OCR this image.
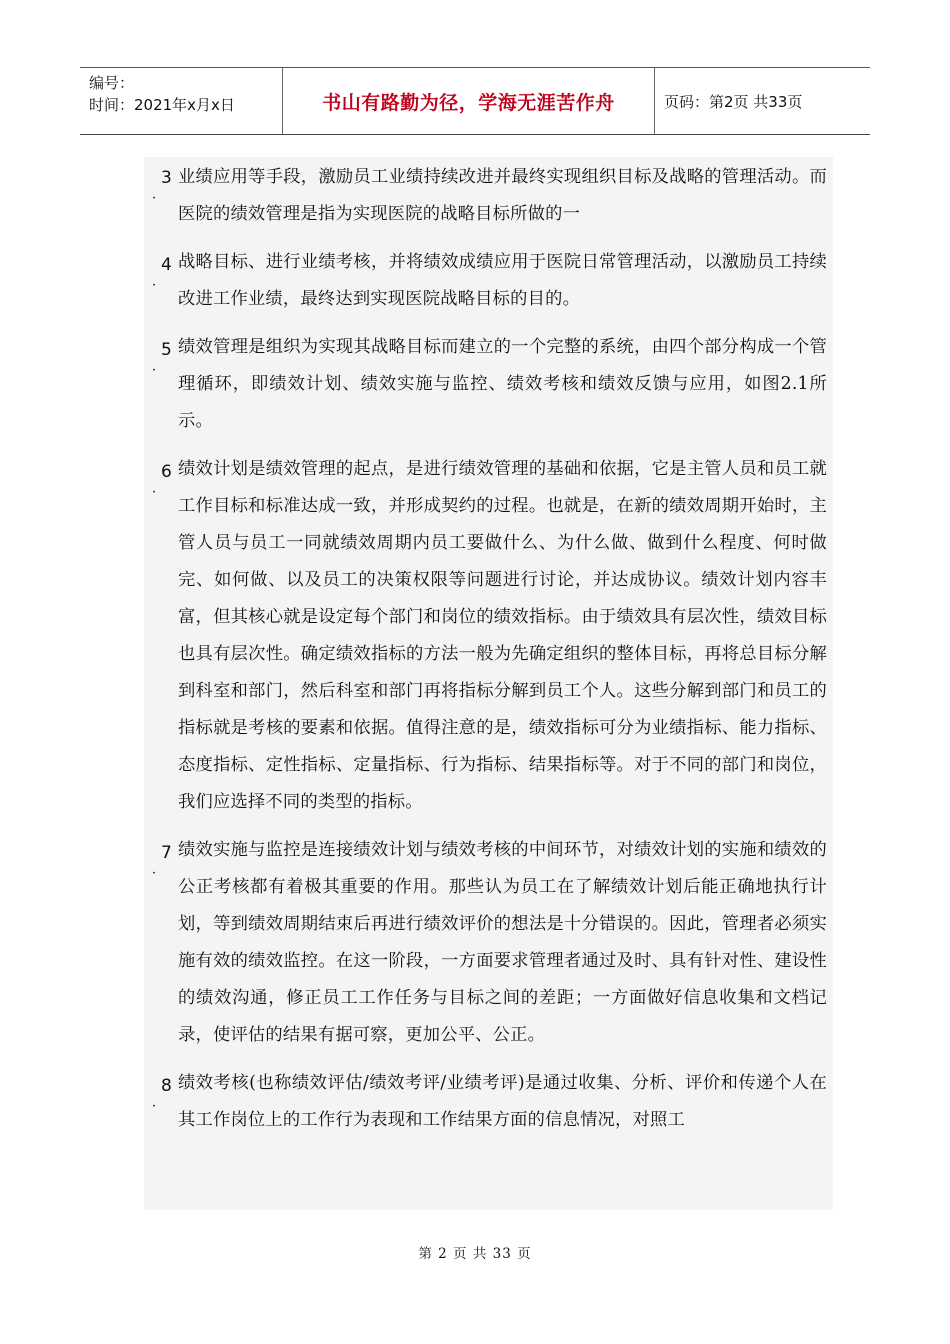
编号：
时间：2021年x月x日	书山有路勤为径，学海无涯苦作舟	页码：第2页 共33页
3
·
业绩应用等手段，激励员工业绩持续改进并最终实现组织目标及战略的管理活动。而医院的绩效管理是指为实现医院的战略目标所做的一
4
·
战略目标、进行业绩考核，并将绩效成绩应用于医院日常管理活动，以激励员工持续改进工作业绩，最终达到实现医院战略目标的目的。
5
·
绩效管理是组织为实现其战略目标而建立的一个完整的系统，由四个部分构成一个管理循环，即绩效计划、绩效实施与监控、绩效考核和绩效反馈与应用，如图2.1所示。
6
·
绩效计划是绩效管理的起点，是进行绩效管理的基础和依据，它是主管人员和员工就工作目标和标准达成一致，并形成契约的过程。也就是，在新的绩效周期开始时，主管人员与员工一同就绩效周期内员工要做什么、为什么做、做到什么程度、何时做完、如何做、以及员工的决策权限等问题进行讨论，并达成协议。绩效计划内容丰富，但其核心就是设定每个部门和岗位的绩效指标。由于绩效具有层次性，绩效目标也具有层次性。确定绩效指标的方法一般为先确定组织的整体目标，再将总目标分解到科室和部门，然后科室和部门再将指标分解到员工个人。这些分解到部门和员工的指标就是考核的要素和依据。值得注意的是，绩效指标可分为业绩指标、能力指标、态度指标、定性指标、定量指标、行为指标、结果指标等。对于不同的部门和岗位，我们应选择不同的类型的指标。
7
·
绩效实施与监控是连接绩效计划与绩效考核的中间环节，对绩效计划的实施和绩效的公正考核都有着极其重要的作用。那些认为员工在了解绩效计划后能正确地执行计划，等到绩效周期结束后再进行绩效评价的想法是十分错误的。因此，管理者必须实施有效的绩效监控。在这一阶段，一方面要求管理者通过及时、具有针对性、建设性的绩效沟通，修正员工工作任务与目标之间的差距；一方面做好信息收集和文档记录，使评估的结果有据可察，更加公平、公正。
8
·
绩效考核(也称绩效评估/绩效考评/业绩考评)是通过收集、分析、评价和传递个人在其工作岗位上的工作行为表现和工作结果方面的信息情况，对照工
第 2 页 共 33 页
